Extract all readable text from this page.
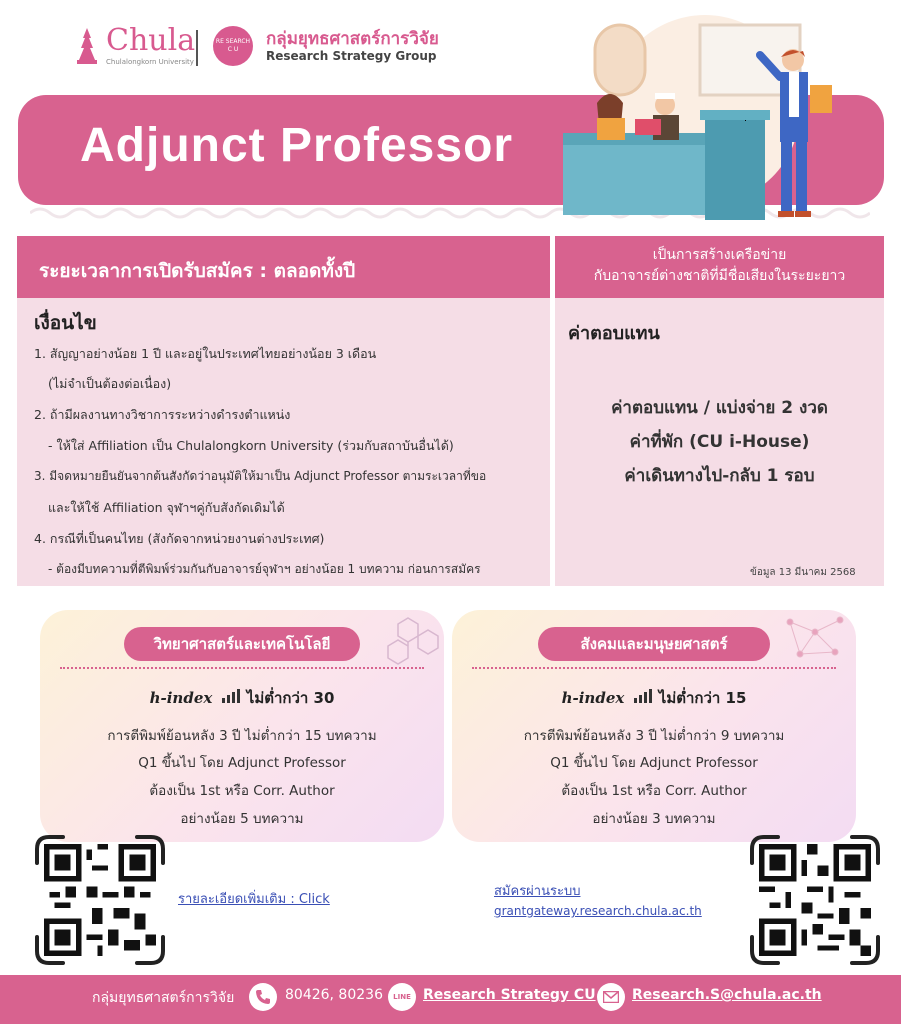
Chula
Chulalongkorn University
RE SEARCH C U
กลุ่มยุทธศาสตร์การวิจัย
Research Strategy Group
Adjunct Professor
ระยะเวลาการเปิดรับสมัคร : ตลอดทั้งปี
เป็นการสร้างเครือข่าย
กับอาจารย์ต่างชาติที่มีชื่อเสียงในระยะยาว
เงื่อนไข
1. สัญญาอย่างน้อย 1 ปี และอยู่ในประเทศไทยอย่างน้อย 3 เดือน
(ไม่จำเป็นต้องต่อเนื่อง)
2. ถ้ามีผลงานทางวิชาการระหว่างดำรงตำแหน่ง
- ให้ใส่ Affiliation เป็น Chulalongkorn University (ร่วมกับสถาบันอื่นได้)
3. มีจดหมายยืนยันจากต้นสังกัดว่าอนุมัติให้มาเป็น Adjunct Professor ตามระเวลาที่ขอ
และให้ใช้ Affiliation จุฬาฯคู่กับสังกัดเดิมได้
4. กรณีที่เป็นคนไทย (สังกัดจากหน่วยงานต่างประเทศ)
- ต้องมีบทความที่ตีพิมพ์ร่วมกันกับอาจารย์จุฬาฯ อย่างน้อย 1 บทความ ก่อนการสมัคร
ค่าตอบแทน
ค่าตอบแทน / แบ่งจ่าย 2 งวด
ค่าที่พัก (CU i-House)
ค่าเดินทางไป-กลับ 1 รอบ
ข้อมูล 13 มีนาคม 2568
วิทยาศาสตร์และเทคโนโลยี	สังคมและมนุษยศาสตร์
h-index ไม่ต่ำกว่า 30	h-index ไม่ต่ำกว่า 15
การตีพิมพ์ย้อนหลัง 3 ปี ไม่ต่ำกว่า 15 บทความ
Q1 ขึ้นไป โดย Adjunct Professor
ต้องเป็น 1st หรือ Corr. Author
อย่างน้อย 5 บทความ
การตีพิมพ์ย้อนหลัง 3 ปี ไม่ต่ำกว่า 9 บทความ
Q1 ขึ้นไป โดย Adjunct Professor
ต้องเป็น 1st หรือ Corr. Author
อย่างน้อย 3 บทความ
รายละเอียดเพิ่มเติม : Click
สมัครผ่านระบบ
grantgateway.research.chula.ac.th
กลุ่มยุทธศาสตร์การวิจัย	80426, 80236 LINE Research Strategy CU	Research.S@chula.ac.th
